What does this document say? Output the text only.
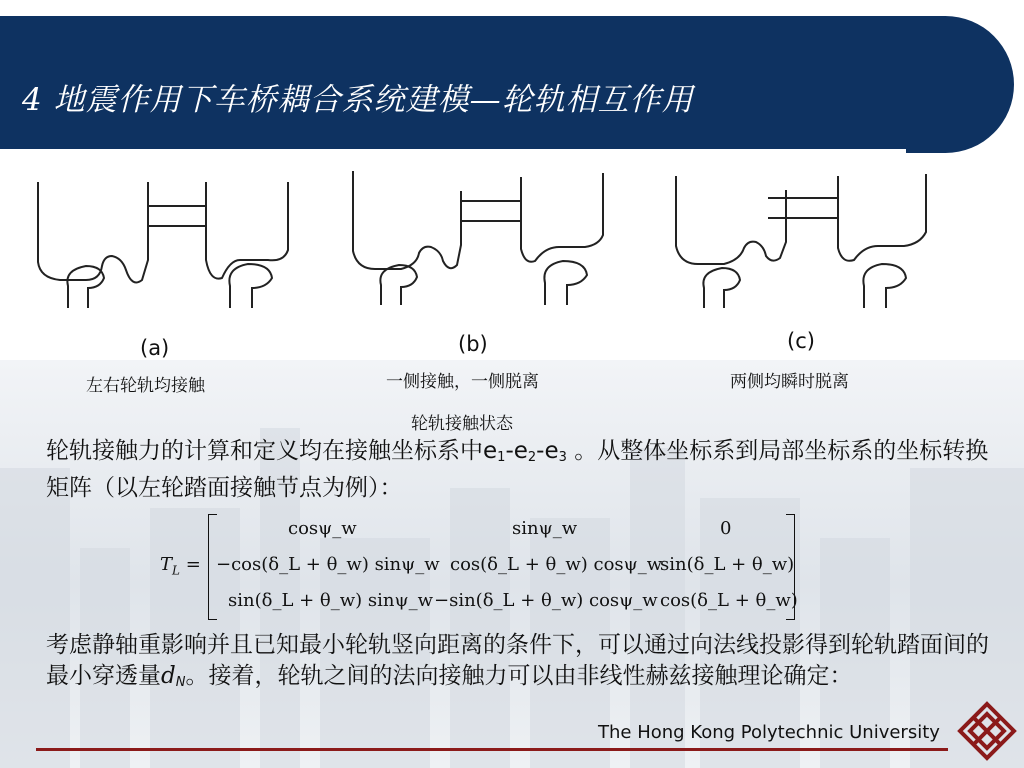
4 地震作用下车桥耦合系统建模—轮轨相互作用
(a)
左右轮轨均接触
(b)
一侧接触，一侧脱离
(c)
两侧均瞬时脱离
轮轨接触状态
轮轨接触力的计算和定义均在接触坐标系中$e_1-e_2-e_3$ 。从整体坐标系到局部坐标系的坐标转换矩阵（以左轮踏面接触节点为例）：
$T_L$ =
cosψ_w	sinψ_w	0
−cos(δ_L + θ_w) sinψ_w cos(δ_L + θ_w) cosψ_w
sin(δ_L + θ_w)
sin(δ_L + θ_w) sinψ_w −sin(δ_L + θ_w) cosψ_w cos(δ_L + θ_w)
考虑静轴重影响并且已知最小轮轨竖向距离的条件下，可以通过向法线投影得到轮轨踏面间的最小穿透量$d_N$。接着，轮轨之间的法向接触力可以由非线性赫兹接触理论确定：
The Hong Kong Polytechnic University
